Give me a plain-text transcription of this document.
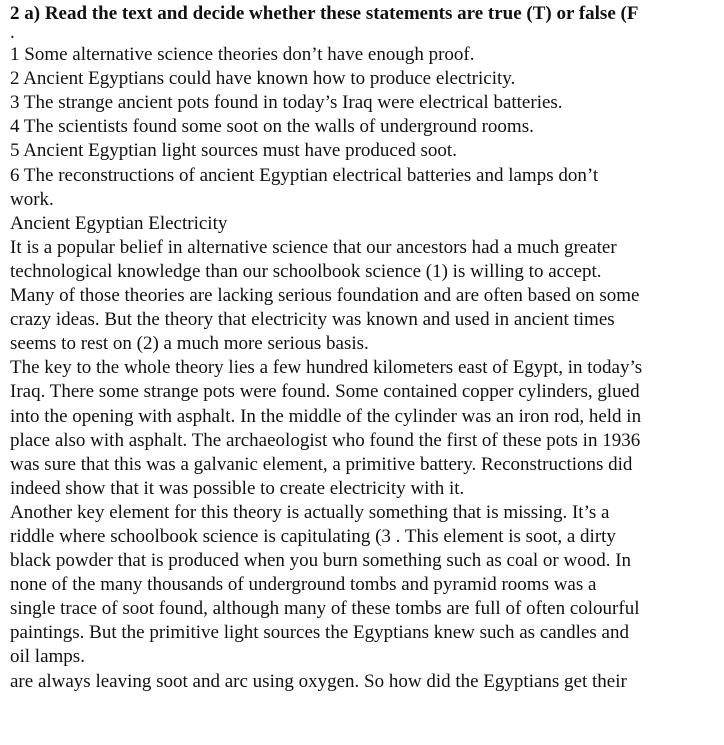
2 a) Read the text and decide whether these statements are true (T) or false (F
.
1 Some alternative science theories don’t have enough proof.
2 Ancient Egyptians could have known how to produce electricity.
3 The strange ancient pots found in today’s Iraq were electrical batteries.
4 The scientists found some soot on the walls of underground rooms.
5 Ancient Egyptian light sources must have produced soot.
6 The reconstructions of ancient Egyptian electrical batteries and lamps don’t
work.
Ancient Egyptian Electricity
It is a popular belief in alternative science that our ancestors had a much greater
technological knowledge than our schoolbook science (1) is willing to accept.
Many of those theories are lacking serious foundation and are often based on some
crazy ideas. But the theory that electricity was known and used in ancient times
seems to rest on (2) a much more serious basis.
The key to the whole theory lies a few hundred kilometers east of Egypt, in today’s
Iraq. There some strange pots were found. Some contained copper cylinders, glued
into the opening with asphalt. In the middle of the cylinder was an iron rod, held in
place also with asphalt. The archaeologist who found the first of these pots in 1936
was sure that this was a galvanic element, a primitive battery. Reconstructions did
indeed show that it was possible to create electricity with it.
Another key element for this theory is actually something that is missing. It’s a
riddle where schoolbook science is capitulating (3 . This element is soot, a dirty
black powder that is produced when you burn something such as coal or wood. In
none of the many thousands of underground tombs and pyramid rooms was a
single trace of soot found, although many of these tombs are full of often colourful
paintings. But the primitive light sources the Egyptians knew such as candles and
oil lamps.
are always leaving soot and arc using oxygen. So how did the Egyptians get their
